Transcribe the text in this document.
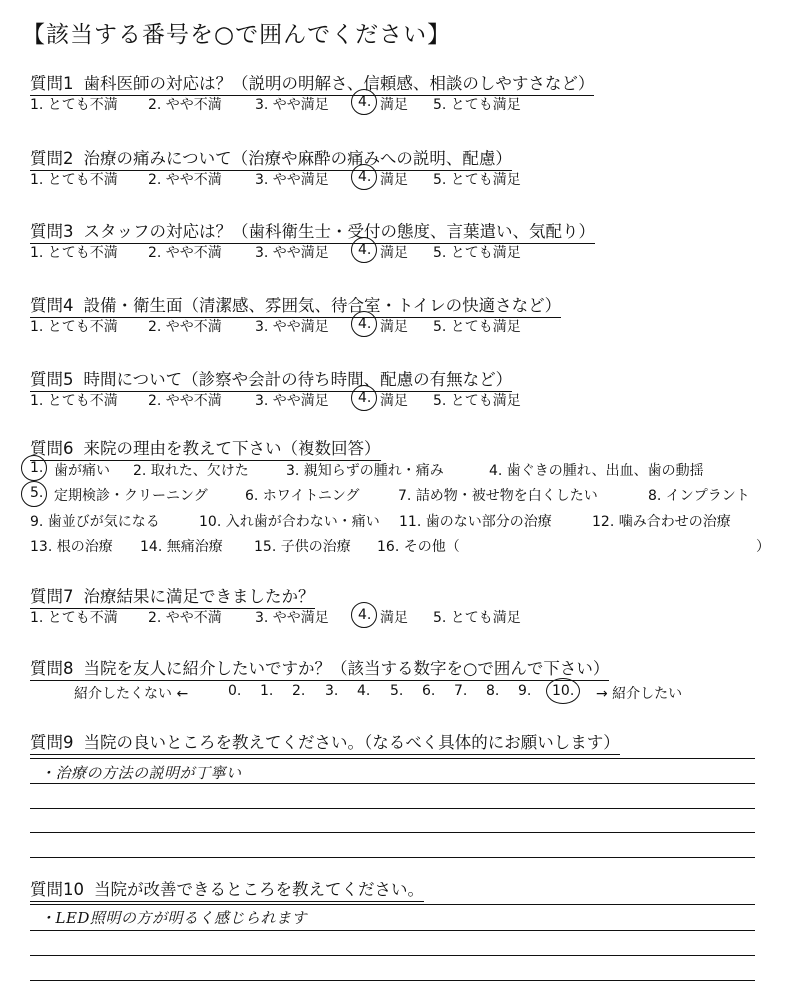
【該当する番号を○で囲んでください】
質問1 歯科医師の対応は？（説明の明解さ、信頼感、相談のしやすさなど）
1. とても不満 2. やや不満 3. やや満足 4. 満足 5. とても満足
質問2 治療の痛みについて（治療や麻酔の痛みへの説明、配慮）
1. とても不満 2. やや不満 3. やや満足 4. 満足 5. とても満足
質問3 スタッフの対応は？（歯科衛生士・受付の態度、言葉遣い、気配り）
1. とても不満 2. やや不満 3. やや満足 4. 満足 5. とても満足
質問4 設備・衛生面（清潔感、雰囲気、待合室・トイレの快適さなど）
1. とても不満 2. やや不満 3. やや満足 4. 満足 5. とても満足
質問5 時間について（診察や会計の待ち時間、配慮の有無など）
1. とても不満 2. やや不満 3. やや満足 4. 満足 5. とても満足
質問6 来院の理由を教えて下さい（複数回答）
1. 歯が痛い 2. 取れた、欠けた	3. 親知らずの腫れ・痛み	4. 歯ぐきの腫れ、出血、歯の動揺
5. 定期検診・クリーニング	6. ホワイトニング	7. 詰め物・被せ物を白くしたい	8. インプラント
9. 歯並びが気になる	10. 入れ歯が合わない・痛い 11. 歯のない部分の治療	12. 噛み合わせの治療
13. 根の治療 14. 無痛治療 15. 子供の治療 16. その他（	）
質問7 治療結果に満足できましたか？
1. とても不満 2. やや不満 3. やや満足 4. 満足 5. とても満足
質問8 当院を友人に紹介したいですか？（該当する数字を○で囲んで下さい）
紹介したくない ←	0. 1. 2. 3. 4. 5. 6. 7. 8. 9. 10. → 紹介したい
質問9 当院の良いところを教えてください。（なるべく具体的にお願いします）
・治療の方法の説明が丁寧い
質問10 当院が改善できるところを教えてください。
・LED照明の方が明るく感じられます
